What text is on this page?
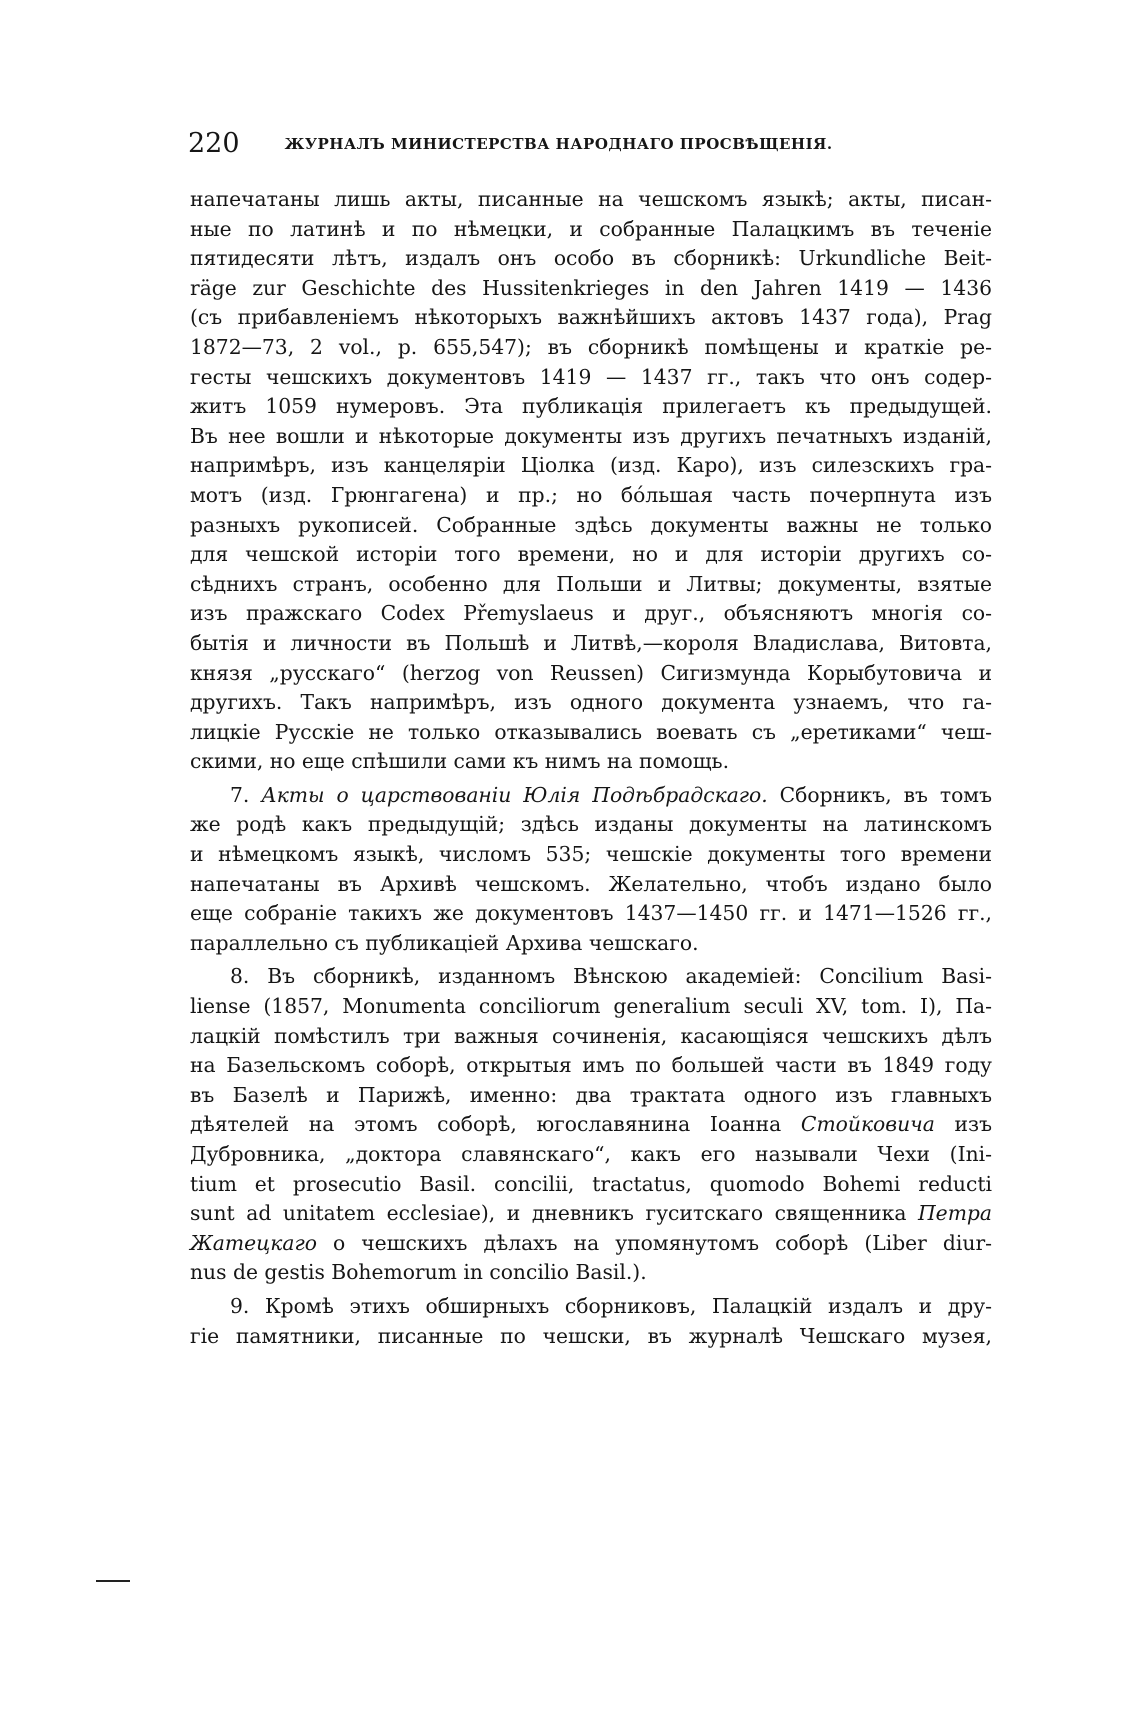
220	ЖУРНАЛЪ МИНИСТЕРСТВА НАРОДНАГО ПРОСВѢЩЕНІЯ.
напечатаны лишь акты, писанные на чешскомъ языкѣ; акты, писан-
ные по латинѣ и по нѣмецки, и собранные Палацкимъ въ теченіе
пятидесяти лѣтъ, издалъ онъ особо въ сборникѣ: Urkundliche Beit-
räge zur Geschichte des Hussitenkrieges in den Jahren 1419 — 1436
(съ прибавленіемъ нѣкоторыхъ важнѣйшихъ актовъ 1437 года), Prag
1872—73, 2 vol., p. 655,547); въ сборникѣ помѣщены и краткіе ре-
гесты чешскихъ документовъ 1419 — 1437 гг., такъ что онъ содер-
житъ 1059 нумеровъ. Эта публикація прилегаетъ къ предыдущей.
Въ нее вошли и нѣкоторые документы изъ другихъ печатныхъ изданій,
напримѣръ, изъ канцеляріи Ціолка (изд. Каро), изъ силезскихъ гра-
мотъ (изд. Грюнгагена) и пр.; но бóльшая часть почерпнута изъ
разныхъ рукописей. Собранные здѣсь документы важны не только
для чешской исторіи того времени, но и для исторіи другихъ со-
сѣднихъ странъ, особенно для Польши и Литвы; документы, взятые
изъ пражскаго Codex Přemyslaeus и друг., объясняютъ многія со-
бытія и личности въ Польшѣ и Литвѣ,—короля Владислава, Витовта,
князя „русскаго“ (herzog von Reussen) Сигизмунда Корыбутовича и
другихъ. Такъ напримѣръ, изъ одного документа узнаемъ, что га-
лицкіе Русскіе не только отказывались воевать съ „еретиками“ чеш-
скими, но еще спѣшили сами къ нимъ на помощь.
7. Акты о царствованіи Юлія Подѣбрадскаго. Сборникъ, въ томъ
же родѣ какъ предыдущій; здѣсь изданы документы на латинскомъ
и нѣмецкомъ языкѣ, числомъ 535; чешскіе документы того времени
напечатаны въ Архивѣ чешскомъ. Желательно, чтобъ издано было
еще собраніе такихъ же документовъ 1437—1450 гг. и 1471—1526 гг.,
параллельно съ публикаціей Архива чешскаго.
8. Въ сборникѣ, изданномъ Вѣнскою академіей: Concilium Basi-
liense (1857, Monumenta conciliorum generalium seculi XV, tom. I), Па-
лацкій помѣстилъ три важныя сочиненія, касающіяся чешскихъ дѣлъ
на Базельскомъ соборѣ, открытыя имъ по большей части въ 1849 году
въ Базелѣ и Парижѣ, именно: два трактата одного изъ главныхъ
дѣятелей на этомъ соборѣ, югославянина Іоанна Стойковича изъ
Дубровника, „доктора славянскаго“, какъ его называли Чехи (Ini-
tium et prosecutio Basil. concilii, tractatus, quomodo Bohemi reducti
sunt ad unitatem ecclesiae), и дневникъ гуситскаго священника Петра
Жатецкаго о чешскихъ дѣлахъ на упомянутомъ соборѣ (Liber diur-
nus de gestis Bohemorum in concilio Basil.).
9. Кромѣ этихъ обширныхъ сборниковъ, Палацкій издалъ и дру-
гіе памятники, писанные по чешски, въ журналѣ Чешскаго музея,
